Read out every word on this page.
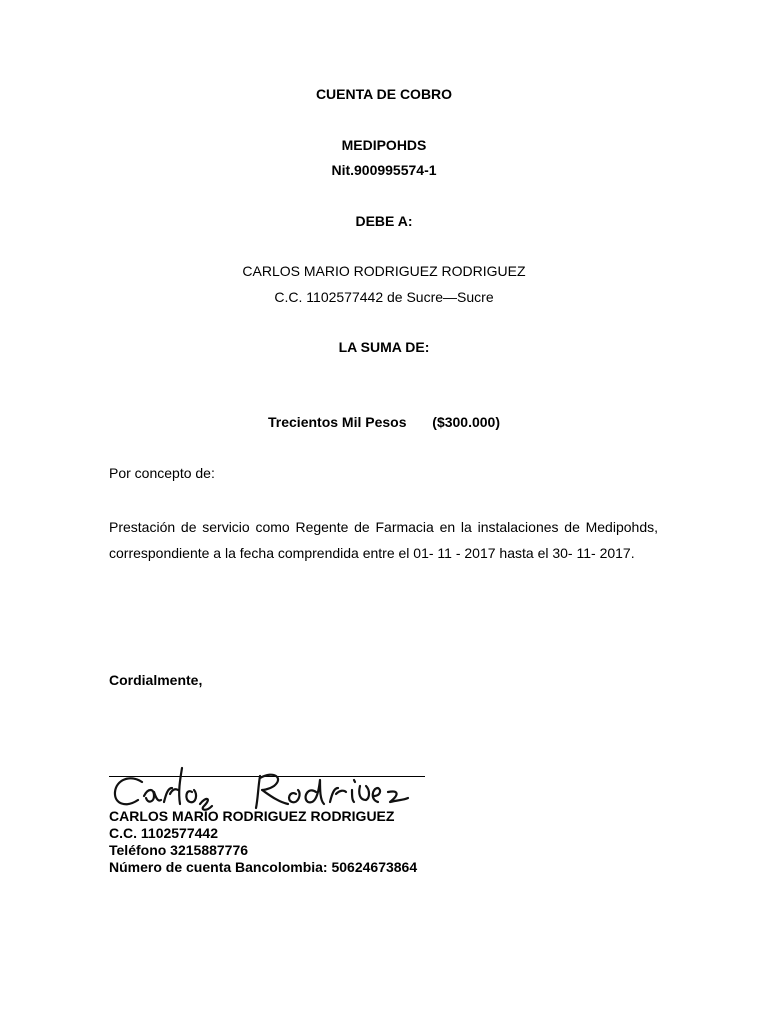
CUENTA DE COBRO
MEDIPOHDS
Nit.900995574-1
DEBE A:
CARLOS MARIO RODRIGUEZ RODRIGUEZ
C.C. 1102577442 de Sucre—Sucre
LA SUMA DE:
Trecientos Mil Pesos ($300.000)
Por concepto de:

Prestación de servicio como Regente de Farmacia en la instalaciones de Medipohds, correspondiente a la fecha comprendida entre el 01- 11 - 2017 hasta el 30- 11- 2017.

Cordialmente,
CARLOS MARIO RODRIGUEZ RODRIGUEZ
C.C. 1102577442
Teléfono 3215887776
Número de cuenta Bancolombia: 50624673864
